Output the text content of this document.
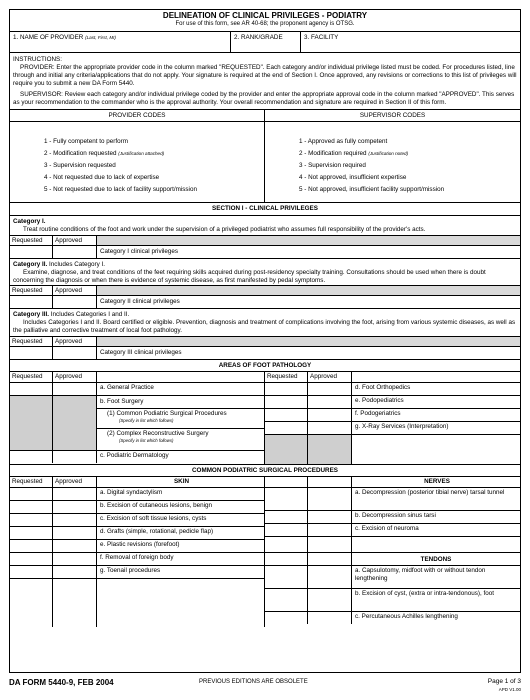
DELINEATION OF CLINICAL PRIVILEGES - PODIATRY
For use of this form, see AR 40-68; the proponent agency is OTSG.
1. NAME OF PROVIDER (Last, First, MI)	2. RANK/GRADE	3. FACILITY

INSTRUCTIONS:

PROVIDER: Enter the appropriate provider code in the column marked "REQUESTED". Each category and/or individual privilege listed must be coded. For procedures listed, line through and initial any criteria/applications that do not apply. Your signature is required at the end of Section I. Once approved, any revisions or corrections to this list of privileges will require you to submit a new DA Form 5440.

SUPERVISOR: Review each category and/or individual privilege coded by the provider and enter the appropriate approval code in the column marked "APPROVED". This serves as your recommendation to the commander who is the approval authority. Your overall recommendation and signature are required in Section II of this form.

PROVIDER CODES
1 - Fully competent to perform
2 - Modification requested (Justification attached)
3 - Supervision requested
4 - Not requested due to lack of expertise
5 - Not requested due to lack of facility support/mission
SUPERVISOR CODES
1 - Approved as fully competent
2 - Modification required (Justification noted)
3 - Supervision required
4 - Not approved, insufficient expertise
5 - Not approved, insufficient facility support/mission
SECTION I - CLINICAL PRIVILEGES
Category I.
Treat routine conditions of the foot and work under the supervision of a privileged podiatrist who assumes full responsibility of the provider's acts.
Requested	Approved
Category I clinical privileges
Category II. Includes Category I.
Examine, diagnose, and treat conditions of the feet requiring skills acquired during post-residency specialty training. Consultations should be used when there is doubt concerning the diagnosis or when there is evidence of systemic disease, as first manifested by pedal symptoms.
Requested	Approved
Category II clinical privileges
Category III. Includes Categories I and II.
Includes Categories I and II. Board certified or eligible. Prevention, diagnosis and treatment of complications involving the foot, arising from various systemic diseases, as well as the palliative and corrective treatment of local foot pathology.
Requested	Approved
Category III clinical privileges
AREAS OF FOOT PATHOLOGY
Requested	Approved
a. General Practice
b. Foot Surgery
(1) Common Podiatric Surgical Procedures
(Specify in list which follows)
(2) Complex Reconstructive Surgery
(Specify in list which follows)
c. Podiatric Dermatology
Requested	Approved
d. Foot Orthopedics
e. Podopediatrics
f. Podogeriatrics
g. X-Ray Services (Interpretation)
COMMON PODIATRIC SURGICAL PROCEDURES
Requested	Approved	SKIN
a. Digital syndactylism
b. Excision of cutaneous lesions, benign
c. Excision of soft tissue lesions, cysts
d. Grafts (simple, rotational, pedicle flap)
e. Plastic revisions (forefoot)
f. Removal of foreign body
g. Toenail procedures
NERVES
a. Decompression (posterior tibial nerve) tarsal tunnel
b. Decompression sinus tarsi
c. Excision of neuroma
TENDONS
a. Capsulotomy, midfoot with or without tendon lengthening
b. Excision of cyst, (extra or intra-tendonous), foot
c. Percutaneous Achilles lengthening
DA FORM 5440-9, FEB 2004	PREVIOUS EDITIONS ARE OBSOLETE	Page 1 of 3
APD V1.00
